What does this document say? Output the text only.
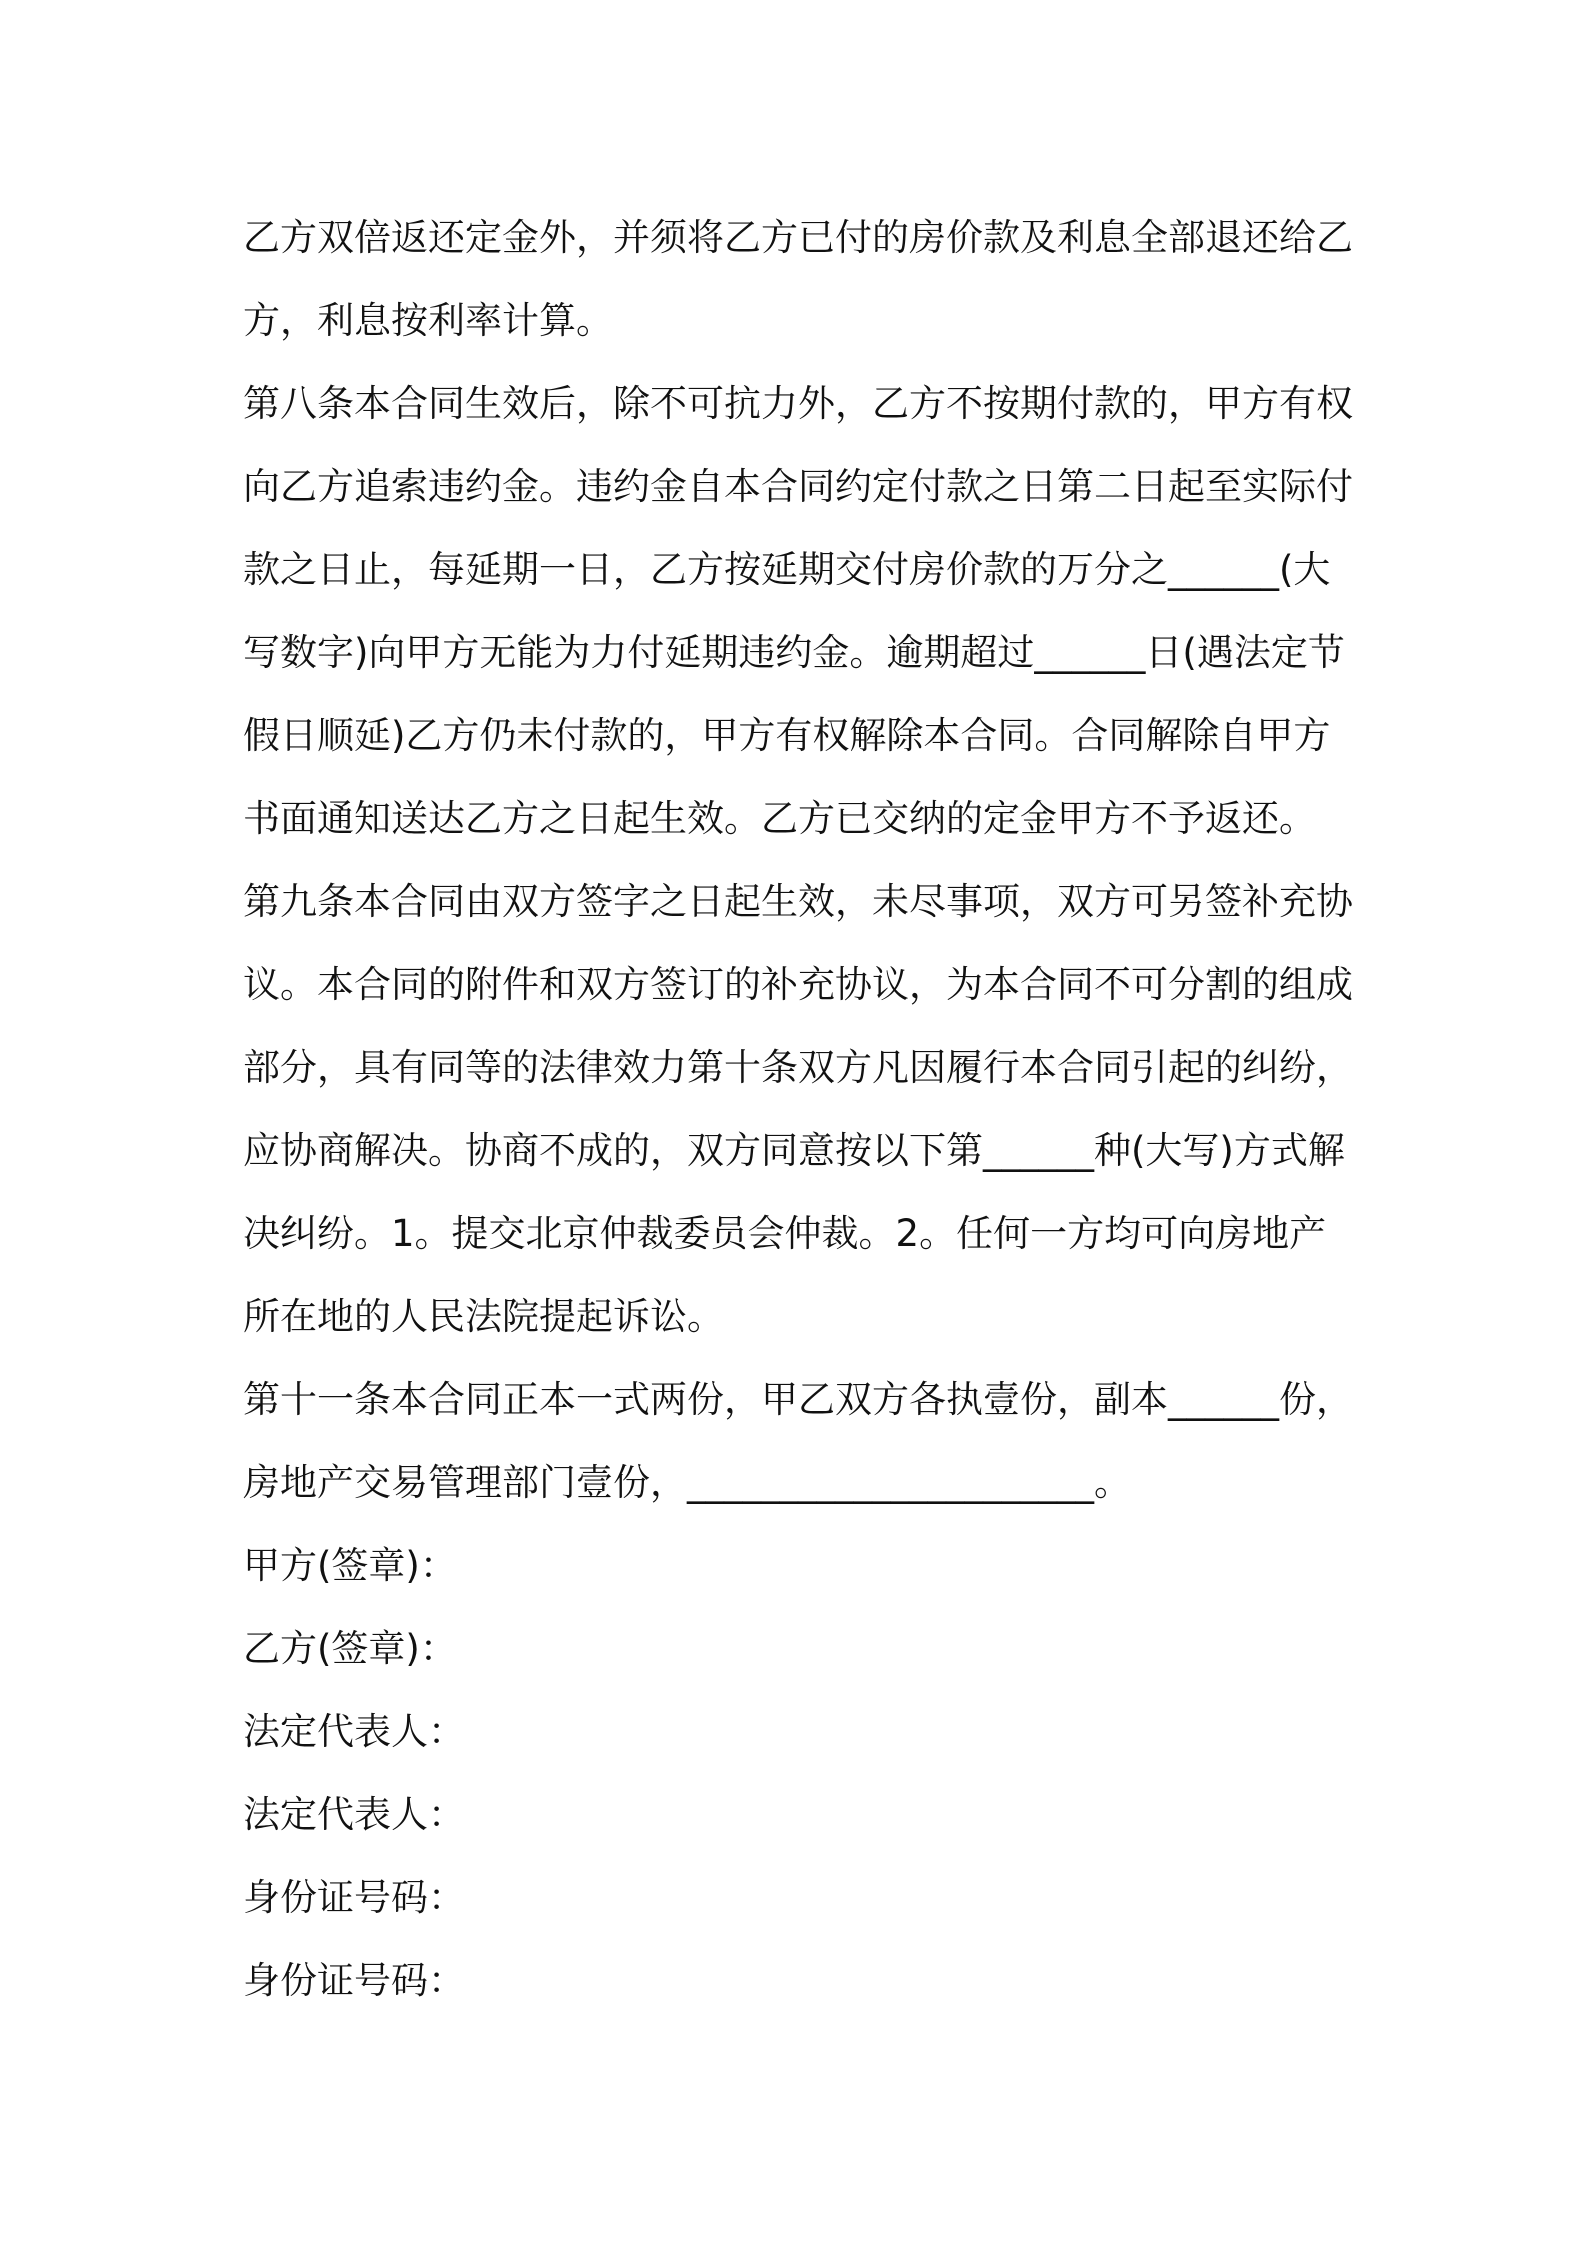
乙方双倍返还定金外，并须将乙方已付的房价款及利息全部退还给乙
方，利息按利率计算。
第八条本合同生效后，除不可抗力外，乙方不按期付款的，甲方有权
向乙方追索违约金。违约金自本合同约定付款之日第二日起至实际付
款之日止，每延期一日，乙方按延期交付房价款的万分之______(大
写数字)向甲方无能为力付延期违约金。逾期超过______日(遇法定节
假日顺延)乙方仍未付款的，甲方有权解除本合同。合同解除自甲方
书面通知送达乙方之日起生效。乙方已交纳的定金甲方不予返还。
第九条本合同由双方签字之日起生效，未尽事项，双方可另签补充协
议。本合同的附件和双方签订的补充协议，为本合同不可分割的组成
部分，具有同等的法律效力第十条双方凡因履行本合同引起的纠纷，
应协商解决。协商不成的，双方同意按以下第______种(大写)方式解
决纠纷。1。提交北京仲裁委员会仲裁。2。任何一方均可向房地产
所在地的人民法院提起诉讼。
第十一条本合同正本一式两份，甲乙双方各执壹份，副本______份，
房地产交易管理部门壹份，______________________。
甲方(签章)：
乙方(签章)：
法定代表人：
法定代表人：
身份证号码：
身份证号码：
